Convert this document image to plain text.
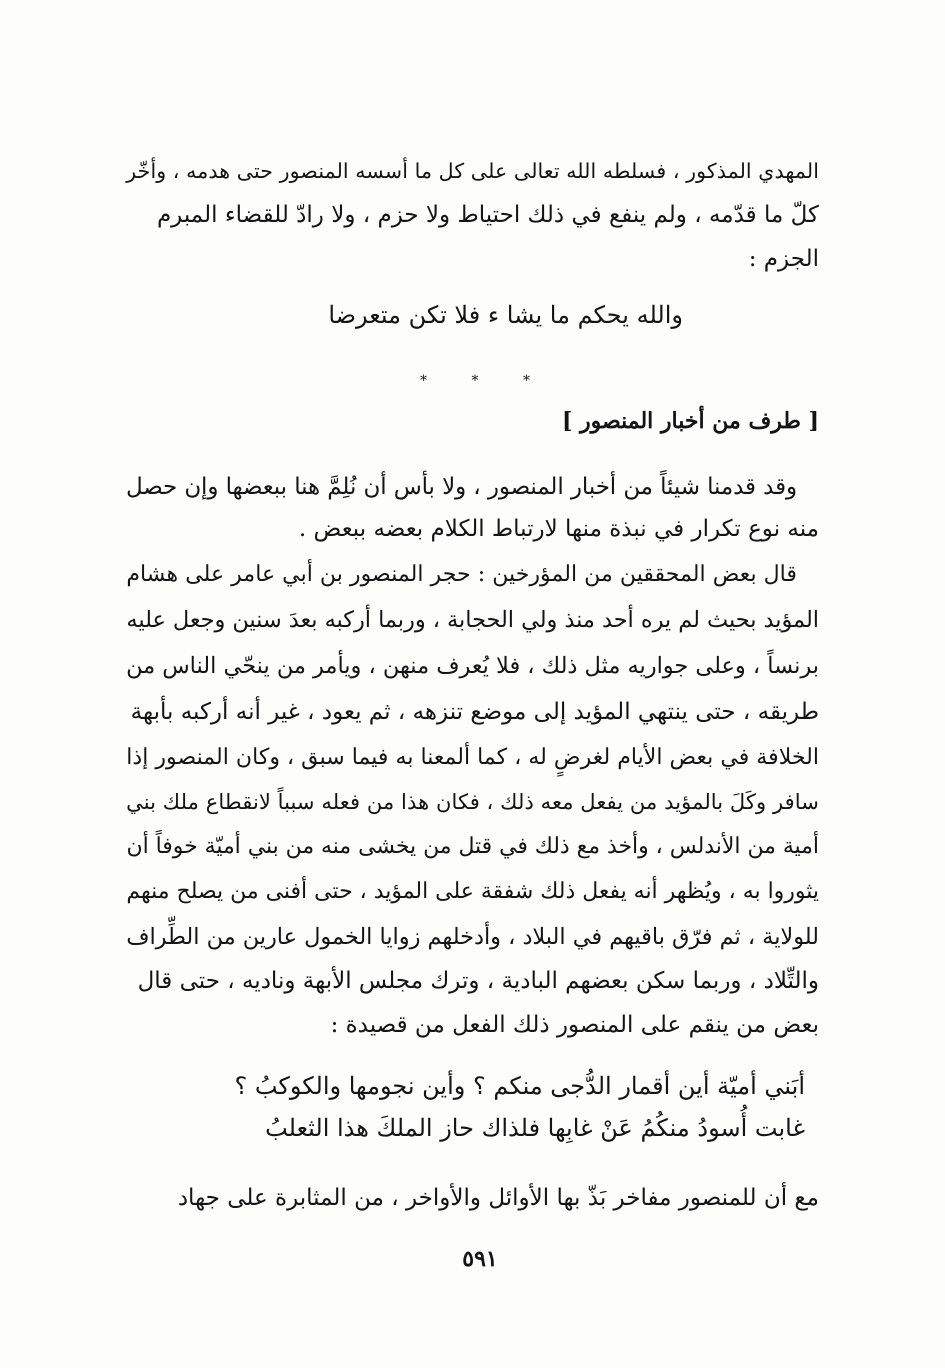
المهدي المذكور ، فسلطه الله تعالى على كل ما أسسه المنصور حتى هدمه ، وأخّر
كلّ ما قدّمه ، ولم ينفع في ذلك احتياط ولا حزم ، ولا رادّ للقضاء المبرم
الجزم :
والله يحكم ما يشا ء فلا تكن متعرضا
*	*	*
[ طرف من أخبار المنصور ]
وقد قدمنا شيئاً من أخبار المنصور ، ولا بأس أن نُلِمَّ هنا ببعضها وإن حصل
منه نوع تكرار في نبذة منها لارتباط الكلام بعضه ببعض .
قال بعض المحققين من المؤرخين : حجر المنصور بن أبي عامر على هشام
المؤيد بحيث لم يره أحد منذ ولي الحجابة ، وربما أركبه بعدَ سنين وجعل عليه
برنساً ، وعلى جواريه مثل ذلك ، فلا يُعرف منهن ، ويأمر من ينحّي الناس من
طريقه ، حتى ينتهي المؤيد إلى موضع تنزهه ، ثم يعود ، غير أنه أركبه بأبهة
الخلافة في بعض الأيام لغرضٍ له ، كما ألمعنا به فيما سبق ، وكان المنصور إذا
سافر وكَلَ بالمؤيد من يفعل معه ذلك ، فكان هذا من فعله سبباً لانقطاع ملك بني
أمية من الأندلس ، وأخذ مع ذلك في قتل من يخشى منه من بني أميّة خوفاً أن
يثوروا به ، ويُظهر أنه يفعل ذلك شفقة على المؤيد ، حتى أفنى من يصلح منهم
للولاية ، ثم فرّق باقيهم في البلاد ، وأدخلهم زوايا الخمول عارين من الطِّراف
والتِّلاد ، وربما سكن بعضهم البادية ، وترك مجلس الأبهة وناديه ، حتى قال
بعض من ينقم على المنصور ذلك الفعل من قصيدة :
أبَني أميّة أين أقمار الدُّجى منكم ؟ وأين نجومها والكوكبُ ؟
غابت أُسودُ منكُمُ عَنْ غابِها فلذاك حاز الملكَ هذا الثعلبُ
مع أن للمنصور مفاخر بَذّ بها الأوائل والأواخر ، من المثابرة على جهاد
٥٩١
